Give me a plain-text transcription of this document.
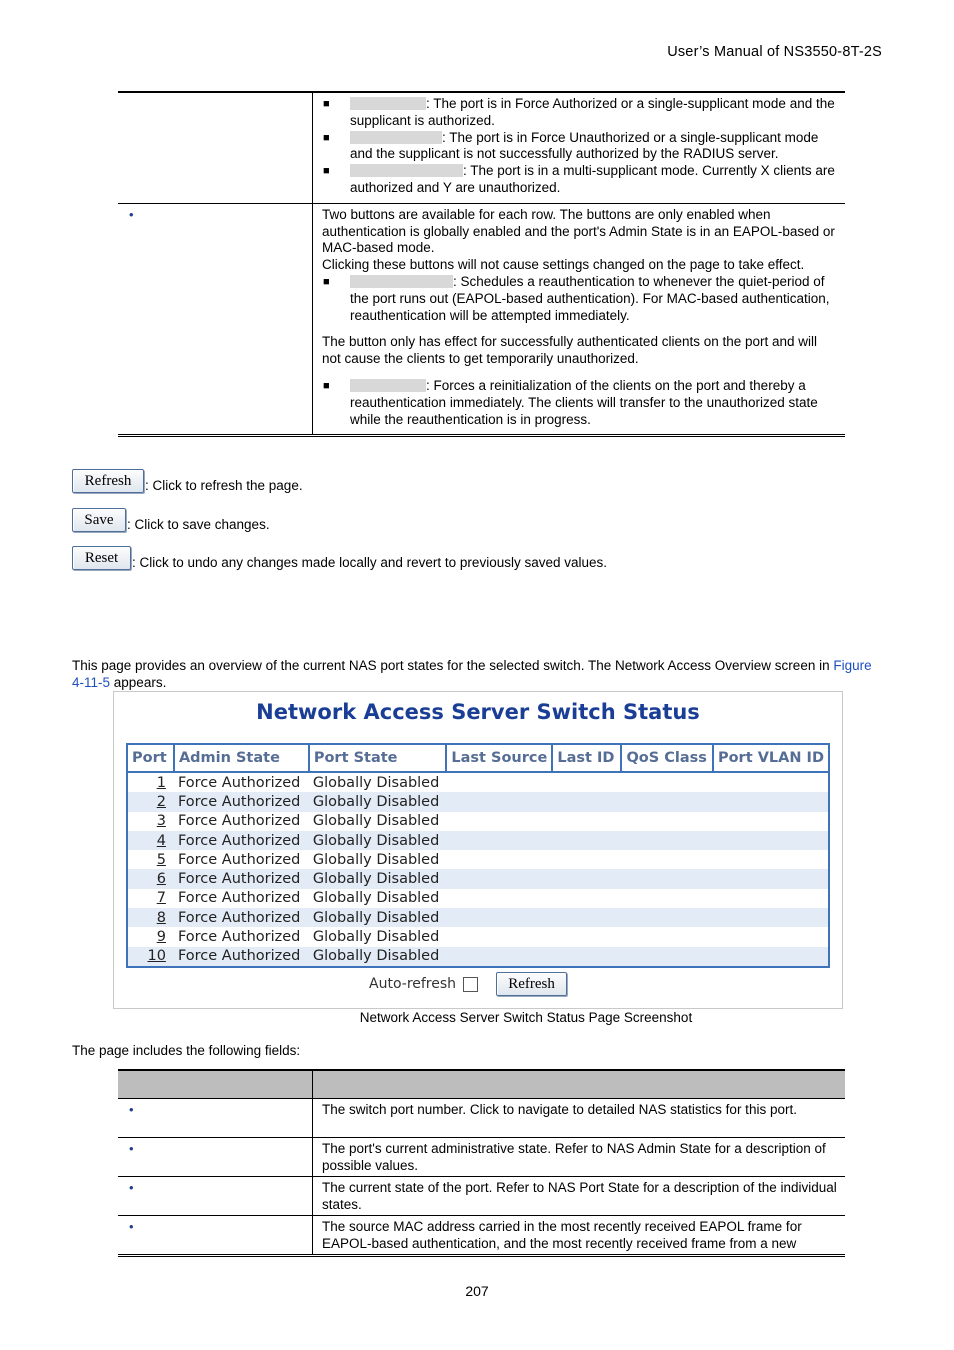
User’s Manual of NS3550-8T-2S
■	: The port is in Force Authorized or a single-supplicant mode and the supplicant is authorized.
■	: The port is in Force Unauthorized or a single-supplicant mode and the supplicant is not successfully authorized by the RADIUS server.
■	: The port is in a multi-supplicant mode. Currently X clients are authorized and Y are unauthorized.
•	Two buttons are available for each row. The buttons are only enabled when authentication is globally enabled and the port's Admin State is in an EAPOL-based or MAC-based mode.
Clicking these buttons will not cause settings changed on the page to take effect.
■	: Schedules a reauthentication to whenever the quiet-period of the port runs out (EAPOL-based authentication). For MAC-based authentication, reauthentication will be attempted immediately.
The button only has effect for successfully authenticated clients on the port and will not cause the clients to get temporarily unauthorized.
■	: Forces a reinitialization of the clients on the port and thereby a reauthentication immediately. The clients will transfer to the unauthorized state while the reauthentication is in progress.
Refresh	: Click to refresh the page.
Save : Click to save changes.
Reset	: Click to undo any changes made locally and revert to previously saved values.
This page provides an overview of the current NAS port states for the selected switch. The Network Access Overview screen in Figure 4-11-5 appears.
Network Access Server Switch Status
Port	Admin State	Port State	Last Source	Last ID	QoS Class	Port VLAN ID
1	Force Authorized	Globally Disabled				
2	Force Authorized	Globally Disabled				
3	Force Authorized	Globally Disabled				
4	Force Authorized	Globally Disabled				
5	Force Authorized	Globally Disabled				
6	Force Authorized	Globally Disabled				
7	Force Authorized	Globally Disabled				
8	Force Authorized	Globally Disabled				
9	Force Authorized	Globally Disabled				
10	Force Authorized	Globally Disabled				
Auto-refresh	Refresh
Network Access Server Switch Status Page Screenshot
The page includes the following fields:
•	The switch port number. Click to navigate to detailed NAS statistics for this port.
•	The port's current administrative state. Refer to NAS Admin State for a description of possible values.
•	The current state of the port. Refer to NAS Port State for a description of the individual states.
•	The source MAC address carried in the most recently received EAPOL frame for EAPOL-based authentication, and the most recently received frame from a new
207
